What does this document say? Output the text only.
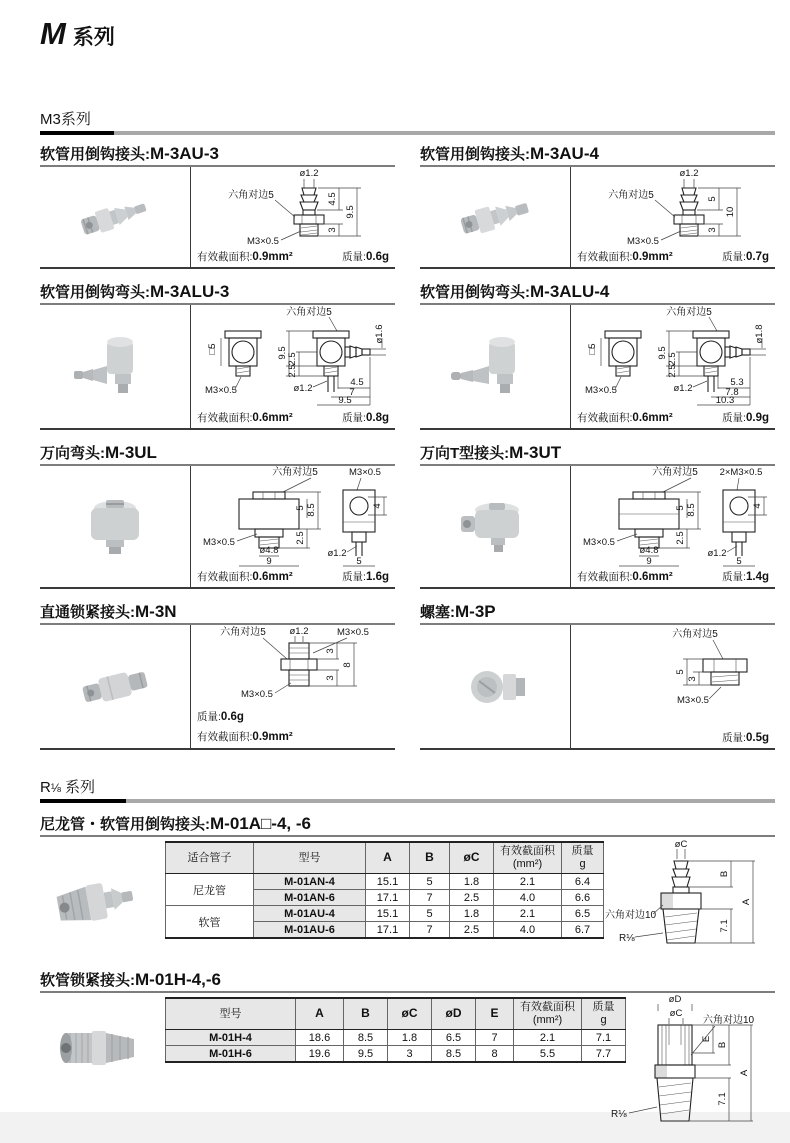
M 系列
M3系列
软管用倒钩接头: M-3AU-3
ø1.2
六角对边5
M3×0.5
4.5
3
9.5
有效截面积:0.9mm²	质量:0.6g
软管用倒钩接头: M-3AU-4
ø1.2
六角对边5
M3×0.5
5
3
10
有效截面积:0.9mm²	质量:0.7g
软管用倒钩弯头: M-3ALU-3
□5
M3×0.5
六角对边5
ø1.6
ø1.2
9.5 2.5
2.5
4.5
7
9.5
有效截面积:0.6mm²	质量:0.8g
软管用倒钩弯头: M-3ALU-4
□5
M3×0.5
六角对边5
ø1.8
ø1.2
9.5 2.5
2.5
5.3
7.8
10.3
有效截面积:0.6mm²	质量:0.9g
万向弯头: M-3UL
六角对边5
M3×0.5
5 8.5
2.5
ø4.8
9
M3×0.5
4
ø1.2
5
有效截面积:0.6mm²	质量:1.6g
万向T型接头: M-3UT
六角对边5
M3×0.5
5 8.5
2.5
ø4.8
9
2×M3×0.5
4
ø1.2
5
有效截面积:0.6mm²	质量:1.4g
直通锁紧接头: M-3N
六角对边5 ø1.2	M3×0.5
M3×0.5
3
3
8
质量:0.6g
有效截面积:0.9mm²
螺塞: M-3P
六角对边5
5
3
M3×0.5
质量:0.5g
R⅛ 系列
尼龙管・软管用倒钩接头: M-01A□-4, -6
适合管子	型号	A	B	øC	有效截面积
(mm²)

质量
g

尼龙管	M-01AN-4	15.1	5	1.8	2.1	6.4
	M-01AN-6	17.1	7	2.5	4.0	6.6
软管	M-01AU-4	15.1	5	1.8	2.1	6.5
	M-01AU-6	17.1	7	2.5	4.0	6.7
øC
六角对边10
R⅛
B
A
7.1
软管锁紧接头: M-01H-4,-6
型号	A	B	øC	øD	E	有效截面积
(mm²)

质量
g

M-01H-4	18.6	8.5	1.8	6.5	7	2.1	7.1
M-01H-6	19.6	9.5	3	8.5	8	5.5	7.7
øD
øC
六角对边10
R⅛
E
B
A
7.1
